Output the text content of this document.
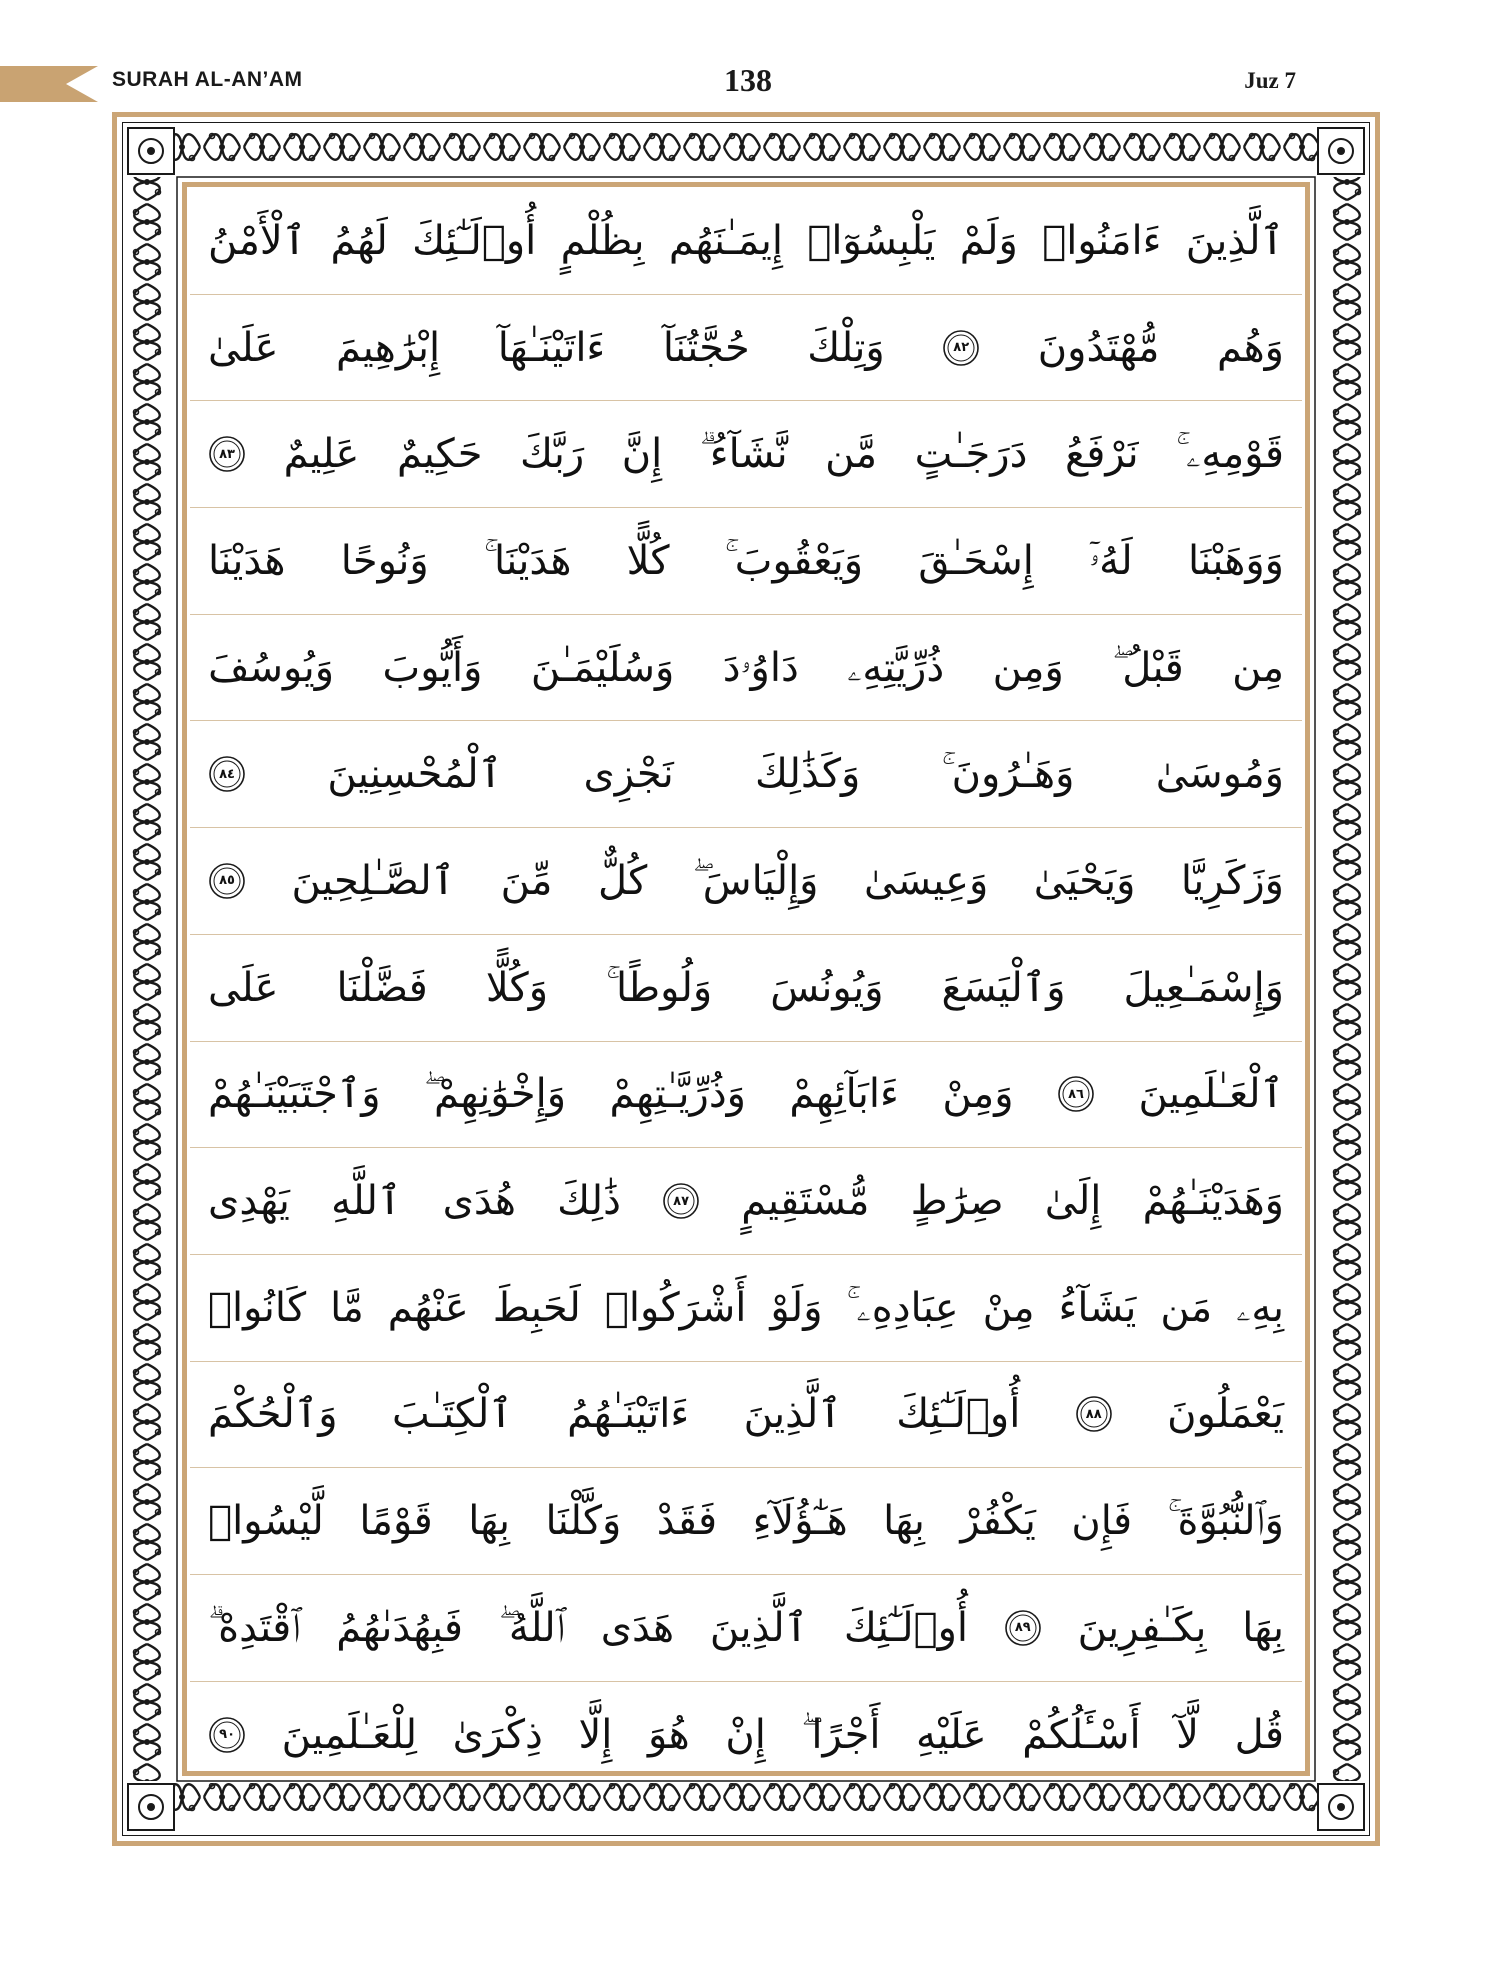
SURAH AL-AN’AM	138	Juz 7
ٱلَّذِينَ
ءَامَنُوا۟
وَلَمْ
يَلْبِسُوٓا۟
إِيمَـٰنَهُم
بِظُلْمٍ
أُو۟لَـٰٓئِكَ
لَهُمُ
ٱلْأَمْنُ
وَهُم
مُّهْتَدُونَ
٨٢
وَتِلْكَ
حُجَّتُنَآ
ءَاتَيْنَـٰهَآ
إِبْرَٰهِيمَ
عَلَىٰ
قَوْمِهِۦ ۚ
نَرْفَعُ
دَرَجَـٰتٍ
مَّن
نَّشَآءُ ۗ
إِنَّ
رَبَّكَ
حَكِيمٌ
عَلِيمٌ
٨٣
وَوَهَبْنَا
لَهُۥٓ
إِسْحَـٰقَ
وَيَعْقُوبَ ۚ
كُلًّا
هَدَيْنَا ۚ
وَنُوحًا
هَدَيْنَا
مِن
قَبْلُ ۖ
وَمِن
ذُرِّيَّتِهِۦ
دَاوُۥدَ
وَسُلَيْمَـٰنَ
وَأَيُّوبَ
وَيُوسُفَ
وَمُوسَىٰ
وَهَـٰرُونَ ۚ
وَكَذَٰلِكَ
نَجْزِى
ٱلْمُحْسِنِينَ
٨٤
وَزَكَرِيَّا
وَيَحْيَىٰ
وَعِيسَىٰ
وَإِلْيَاسَ ۖ
كُلٌّ
مِّنَ
ٱلصَّـٰلِحِينَ
٨٥
وَإِسْمَـٰعِيلَ
وَٱلْيَسَعَ
وَيُونُسَ
وَلُوطًا ۚ
وَكُلًّا
فَضَّلْنَا
عَلَى
ٱلْعَـٰلَمِينَ
٨٦
وَمِنْ
ءَابَآئِهِمْ
وَذُرِّيَّـٰتِهِمْ
وَإِخْوَٰنِهِمْ ۖ
وَٱجْتَبَيْنَـٰهُمْ
وَهَدَيْنَـٰهُمْ
إِلَىٰ
صِرَٰطٍ
مُّسْتَقِيمٍ
٨٧
ذَٰلِكَ
هُدَى
ٱللَّهِ
يَهْدِى
بِهِۦ
مَن
يَشَآءُ
مِنْ
عِبَادِهِۦ ۚ
وَلَوْ
أَشْرَكُوا۟
لَحَبِطَ
عَنْهُم
مَّا
كَانُوا۟
يَعْمَلُونَ
٨٨
أُو۟لَـٰٓئِكَ
ٱلَّذِينَ
ءَاتَيْنَـٰهُمُ
ٱلْكِتَـٰبَ
وَٱلْحُكْمَ
وَٱلنُّبُوَّةَ ۚ
فَإِن
يَكْفُرْ
بِهَا
هَـٰٓؤُلَآءِ
فَقَدْ
وَكَّلْنَا
بِهَا
قَوْمًا
لَّيْسُوا۟
بِهَا
بِكَـٰفِرِينَ
٨٩
أُو۟لَـٰٓئِكَ
ٱلَّذِينَ
هَدَى
ٱللَّهُ ۖ
فَبِهُدَىٰهُمُ
ٱقْتَدِهْ ۗ
قُل
لَّآ
أَسْـَٔلُكُمْ
عَلَيْهِ
أَجْرًا ۖ
إِنْ
هُوَ
إِلَّا
ذِكْرَىٰ
لِلْعَـٰلَمِينَ
٩٠
